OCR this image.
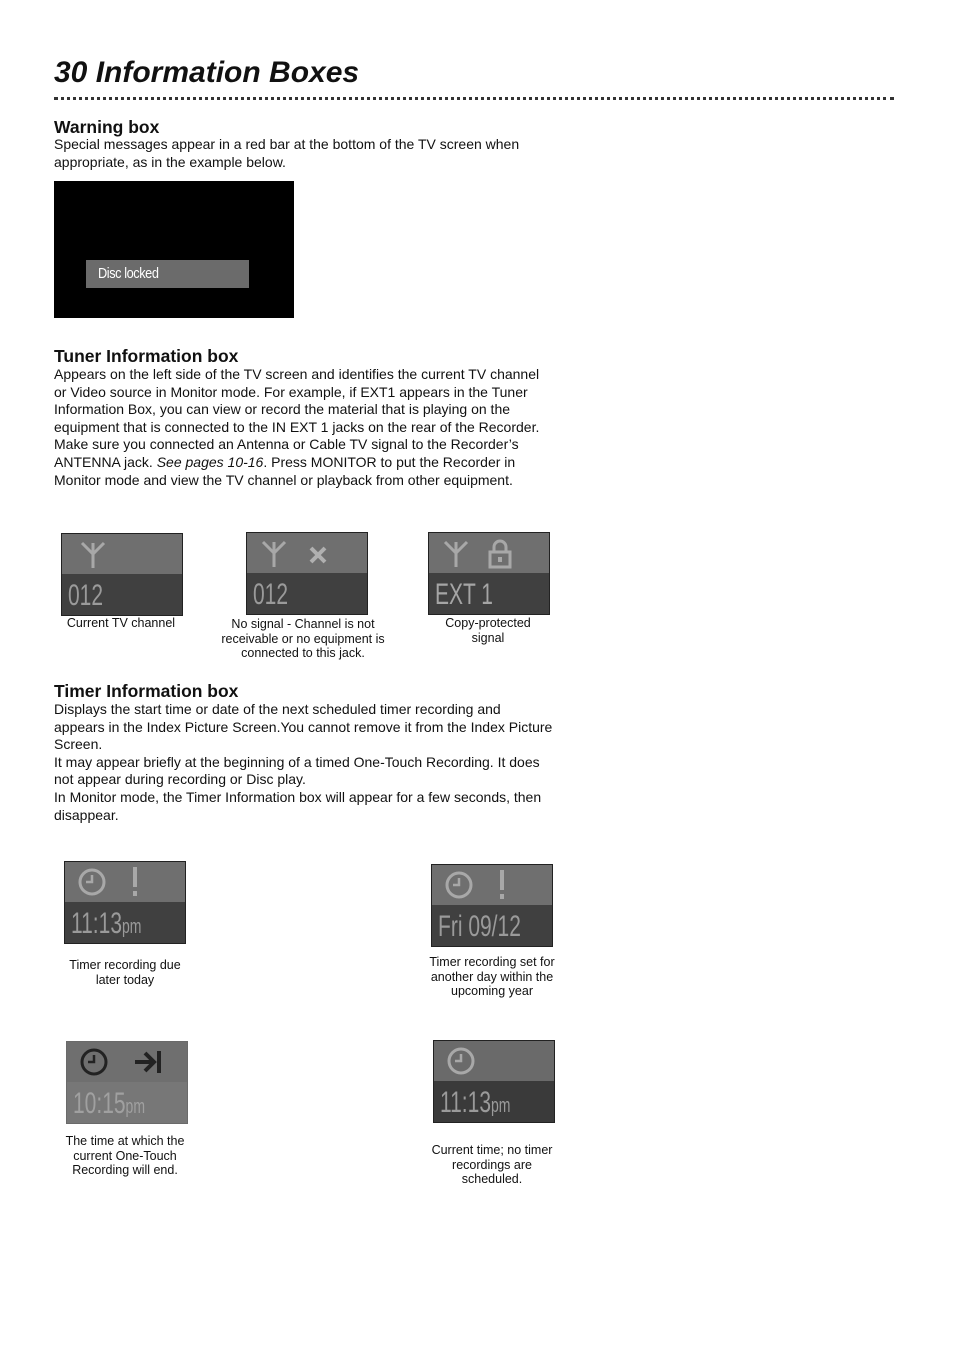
30 Information Boxes
Warning box

Special messages appear in a red bar at the bottom of the TV screen when appropriate, as in the example below.

Disc locked
Tuner Information box

Appears on the left side of the TV screen and identifies the current TV channel or Video source in Monitor mode. For example, if EXT1 appears in the Tuner Information Box, you can view or record the material that is playing on the equipment that is connected to the IN EXT 1 jacks on the rear of the Recorder.

Make sure you connected an Antenna or Cable TV signal to the Recorder’s ANTENNA jack. See pages 10-16. Press MONITOR to put the Recorder in Monitor mode and view the TV channel or playback from other equipment.

012
Current TV channel
012
No signal - Channel is not receivable or no equipment is connected to this jack.
EXT 1
Copy-protected signal
Timer Information box

Displays the start time or date of the next scheduled timer recording and appears in the Index Picture Screen.You cannot remove it from the Index Picture Screen.

It may appear briefly at the beginning of a timed One-Touch Recording. It does not appear during recording or Disc play.

In Monitor mode, the Timer Information box will appear for a few seconds, then disappear.

11:13pm
Timer recording due later today
Fri 09/12
Timer recording set for another day within the upcoming year
10:15pm
The time at which the current One-Touch Recording will end.
11:13pm
Current time; no timer recordings are scheduled.
